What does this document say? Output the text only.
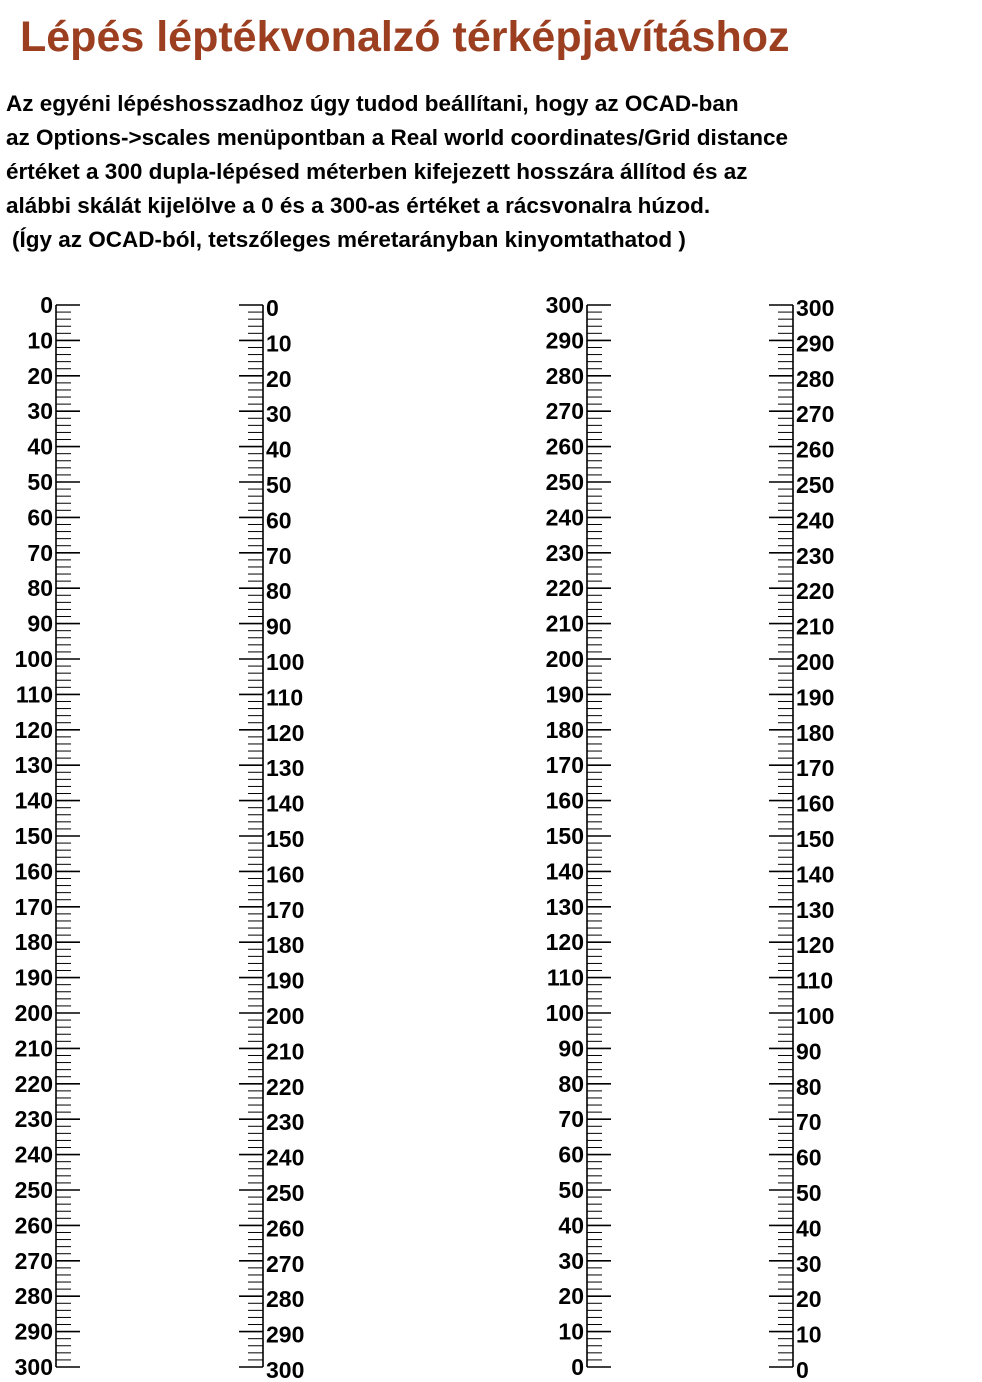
Lépés léptékvonalzó térképjavításhoz
Az egyéni lépéshosszadhoz úgy tudod beállítani, hogy az OCAD-ban
az Options->scales menüpontban a Real world coordinates/Grid distance
értéket a 300 dupla-lépésed méterben kifejezett hosszára állítod és az
alábbi skálát kijelölve a 0 és a 300-as értéket a rácsvonalra húzod.
(Így az OCAD-ból, tetszőleges méretarányban kinyomtathatod )
0
10
20
30
40
50
60
70
80
90
100
110
120
130
140
150
160
170
180
190
200
210
220
230
240
250
260
270
280
290
300
0
10
20
30
40
50
60
70
80
90
100
110
120
130
140
150
160
170
180
190
200
210
220
230
240
250
260
270
280
290
300
300
290
280
270
260
250
240
230
220
210
200
190
180
170
160
150
140
130
120
110
100
90
80
70
60
50
40
30
20
10
0
300
290
280
270
260
250
240
230
220
210
200
190
180
170
160
150
140
130
120
110
100
90
80
70
60
50
40
30
20
10
0
